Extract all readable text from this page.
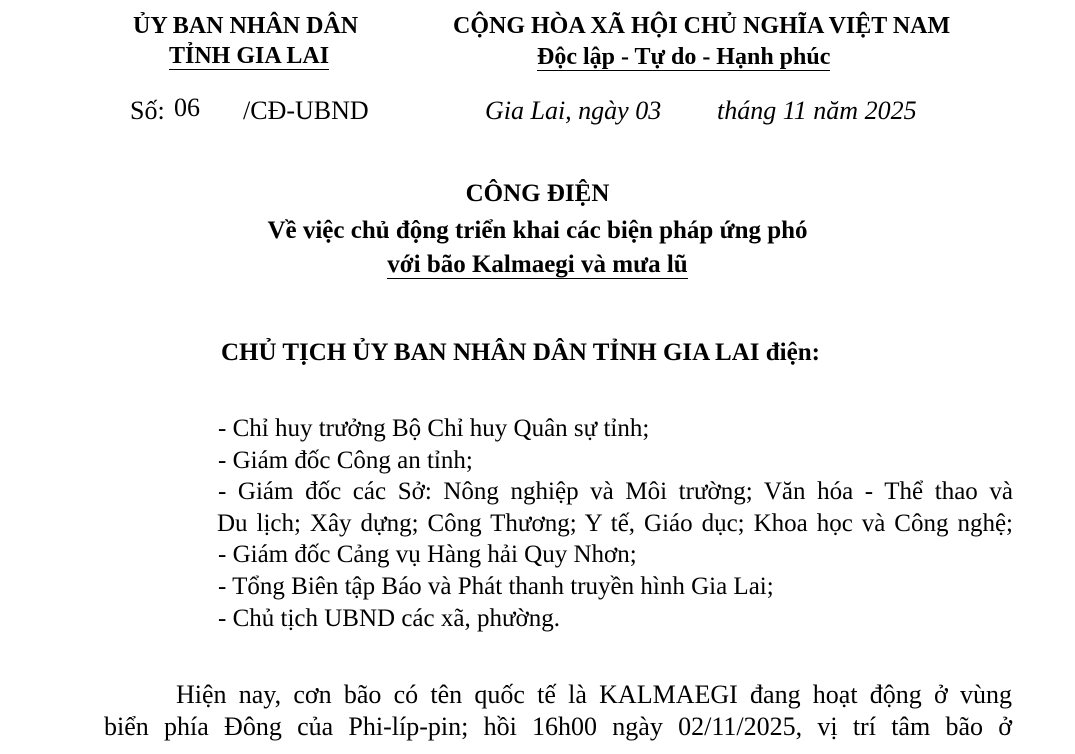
ỦY BAN NHÂN DÂN
TỈNH GIA LAI
CỘNG HÒA XÃ HỘI CHỦ NGHĨA VIỆT NAM
Độc lập - Tự do - Hạnh phúc
Số: 06 /CĐ-UBND	Gia Lai, ngày 03 tháng 11 năm 2025
CÔNG ĐIỆN
Về việc chủ động triển khai các biện pháp ứng phó
với bão Kalmaegi và mưa lũ
CHỦ TỊCH ỦY BAN NHÂN DÂN TỈNH GIA LAI điện:
- Chỉ huy trưởng Bộ Chỉ huy Quân sự tỉnh;
- Giám đốc Công an tỉnh;
- Giám đốc các Sở: Nông nghiệp và Môi trường; Văn hóa - Thể thao và
Du lịch; Xây dựng; Công Thương; Y tế, Giáo dục; Khoa học và Công nghệ;
- Giám đốc Cảng vụ Hàng hải Quy Nhơn;
- Tổng Biên tập Báo và Phát thanh truyền hình Gia Lai;
- Chủ tịch UBND các xã, phường.
Hiện nay, cơn bão có tên quốc tế là KALMAEGI đang hoạt động ở vùng
biển phía Đông của Phi-líp-pin; hồi 16h00 ngày 02/11/2025, vị trí tâm bão ở
